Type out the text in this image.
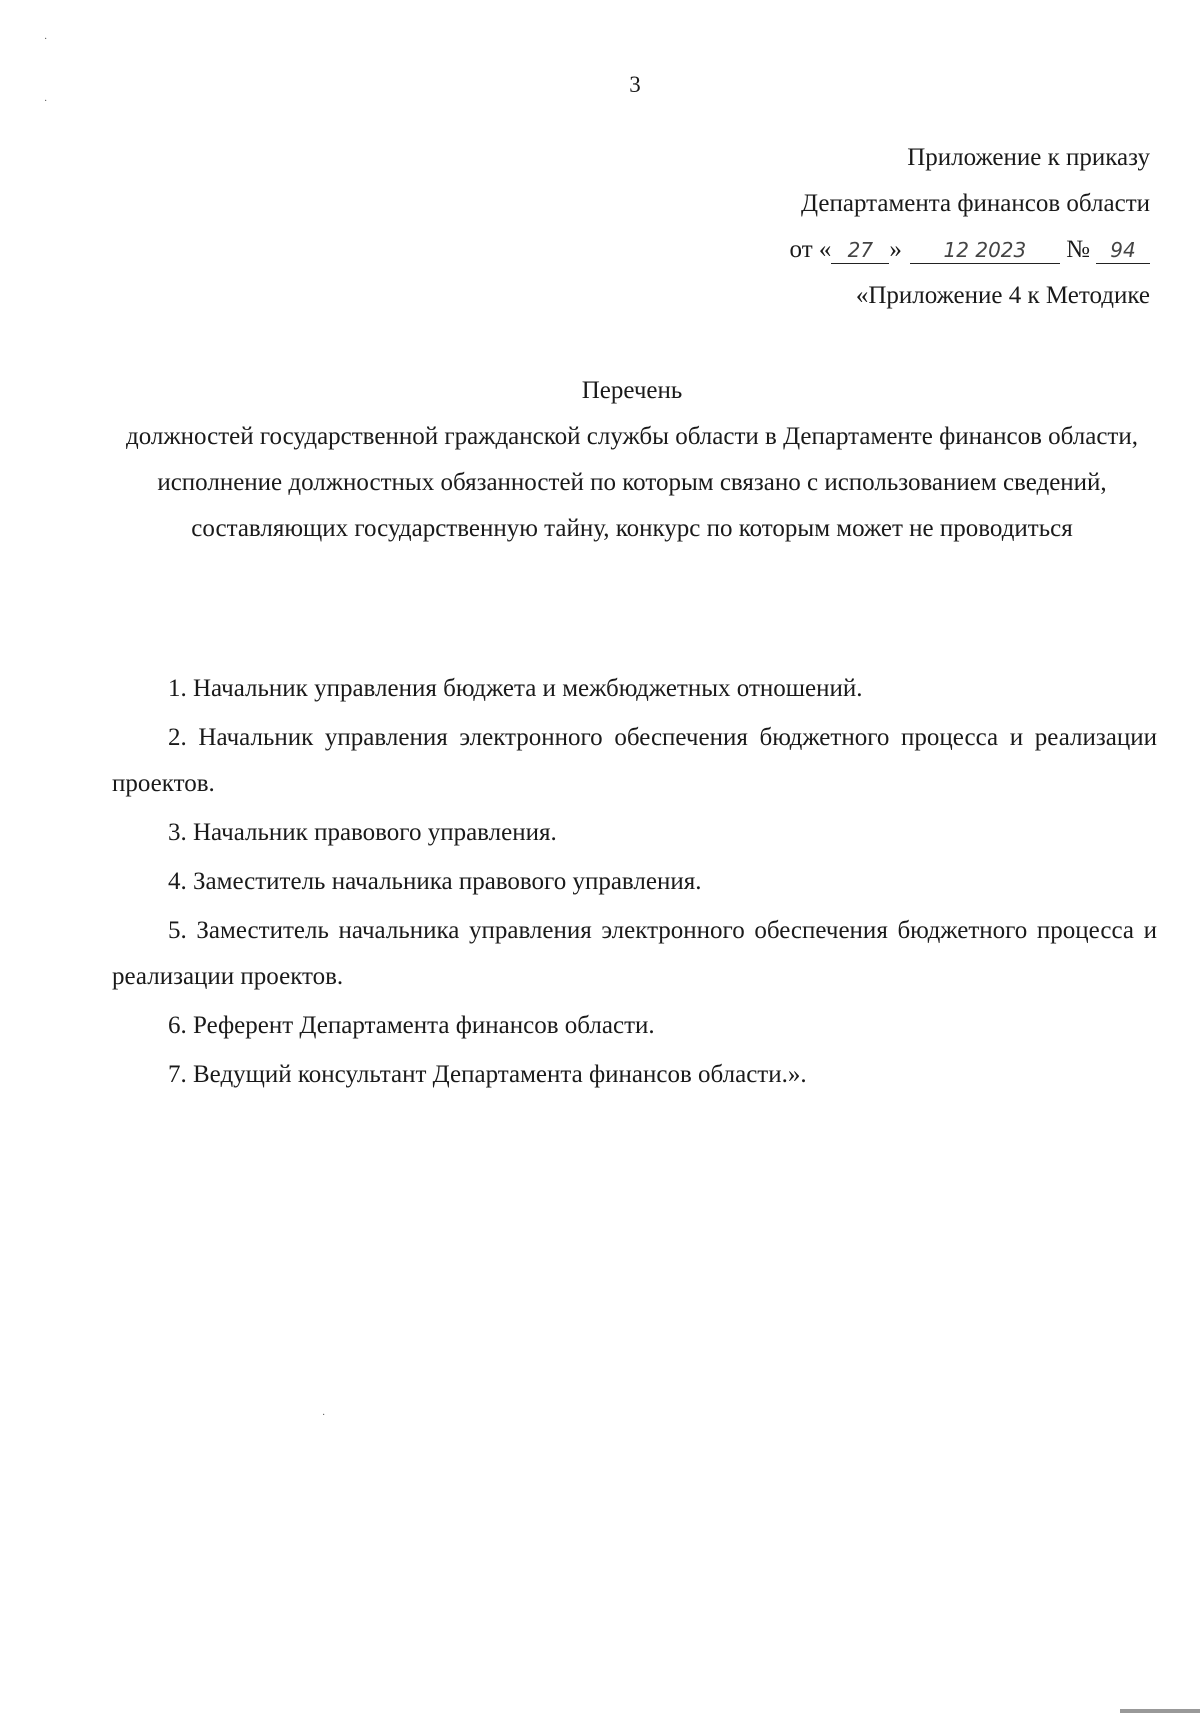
·
·
·
3
Приложение к приказу
Департамента финансов области
от « 27 » 12 2023 № 94
«Приложение 4 к Методике
Перечень
должностей государственной гражданской службы области в Департаменте финансов области, исполнение должностных обязанностей по которым связано с использованием сведений, составляющих государственную тайну, конкурс по которым может не проводиться

1. Начальник управления бюджета и межбюджетных отношений.

2. Начальник управления электронного обеспечения бюджетного процесса и реализации проектов.

3. Начальник правового управления.

4. Заместитель начальника правового управления.

5. Заместитель начальника управления электронного обеспечения бюджетного процесса и реализации проектов.

6. Референт Департамента финансов области.

7. Ведущий консультант Департамента финансов области.».
